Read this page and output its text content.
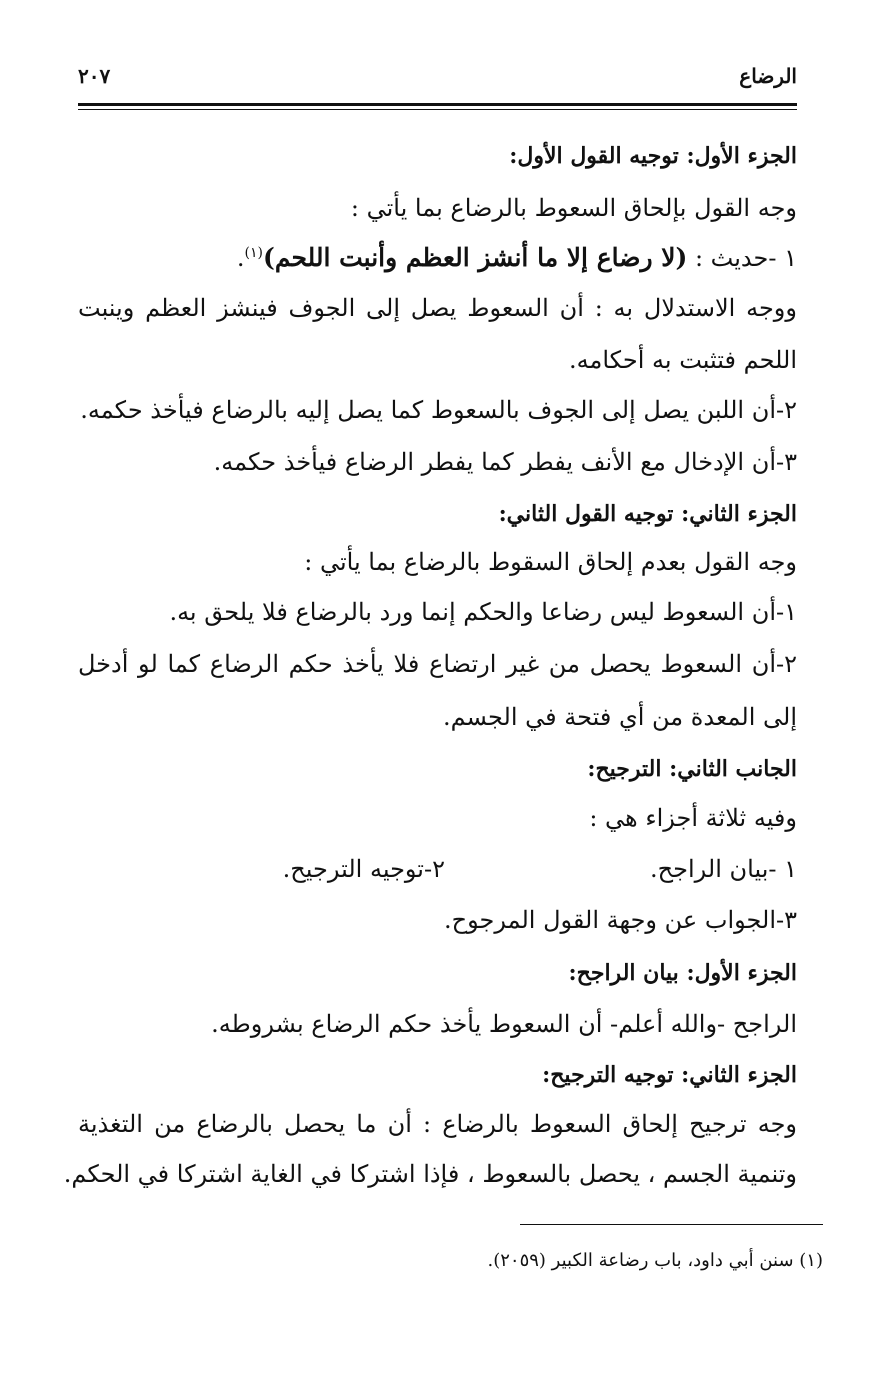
الرضاع
٢٠٧
الجزء الأول: توجيه القول الأول:
وجه القول بإلحاق السعوط بالرضاع بما يأتي :
١ -حديث : (لا رضاع إلا ما أنشز العظم وأنبت اللحم)$^{(١)}$.
ووجه الاستدلال به : أن السعوط يصل إلى الجوف فينشز العظم وينبت
اللحم فتثبت به أحكامه.
٢-أن اللبن يصل إلى الجوف بالسعوط كما يصل إليه بالرضاع فيأخذ حكمه.
٣-أن الإدخال مع الأنف يفطر كما يفطر الرضاع فيأخذ حكمه.
الجزء الثاني: توجيه القول الثاني:
وجه القول بعدم إلحاق السقوط بالرضاع بما يأتي :
١-أن السعوط ليس رضاعا والحكم إنما ورد بالرضاع فلا يلحق به.
٢-أن السعوط يحصل من غير ارتضاع فلا يأخذ حكم الرضاع كما لو أدخل
إلى المعدة من أي فتحة في الجسم.
الجانب الثاني: الترجيح:
وفيه ثلاثة أجزاء هي :
١ -بيان الراجح.
٢-توجيه الترجيح.
٣-الجواب عن وجهة القول المرجوح.
الجزء الأول: بيان الراجح:
الراجح -والله أعلم- أن السعوط يأخذ حكم الرضاع بشروطه.
الجزء الثاني: توجيه الترجيح:
وجه ترجيح إلحاق السعوط بالرضاع : أن ما يحصل بالرضاع من التغذية
وتنمية الجسم ، يحصل بالسعوط ، فإذا اشتركا في الغاية اشتركا في الحكم.
(١) سنن أبي داود، باب رضاعة الكبير (٢٠٥٩).
